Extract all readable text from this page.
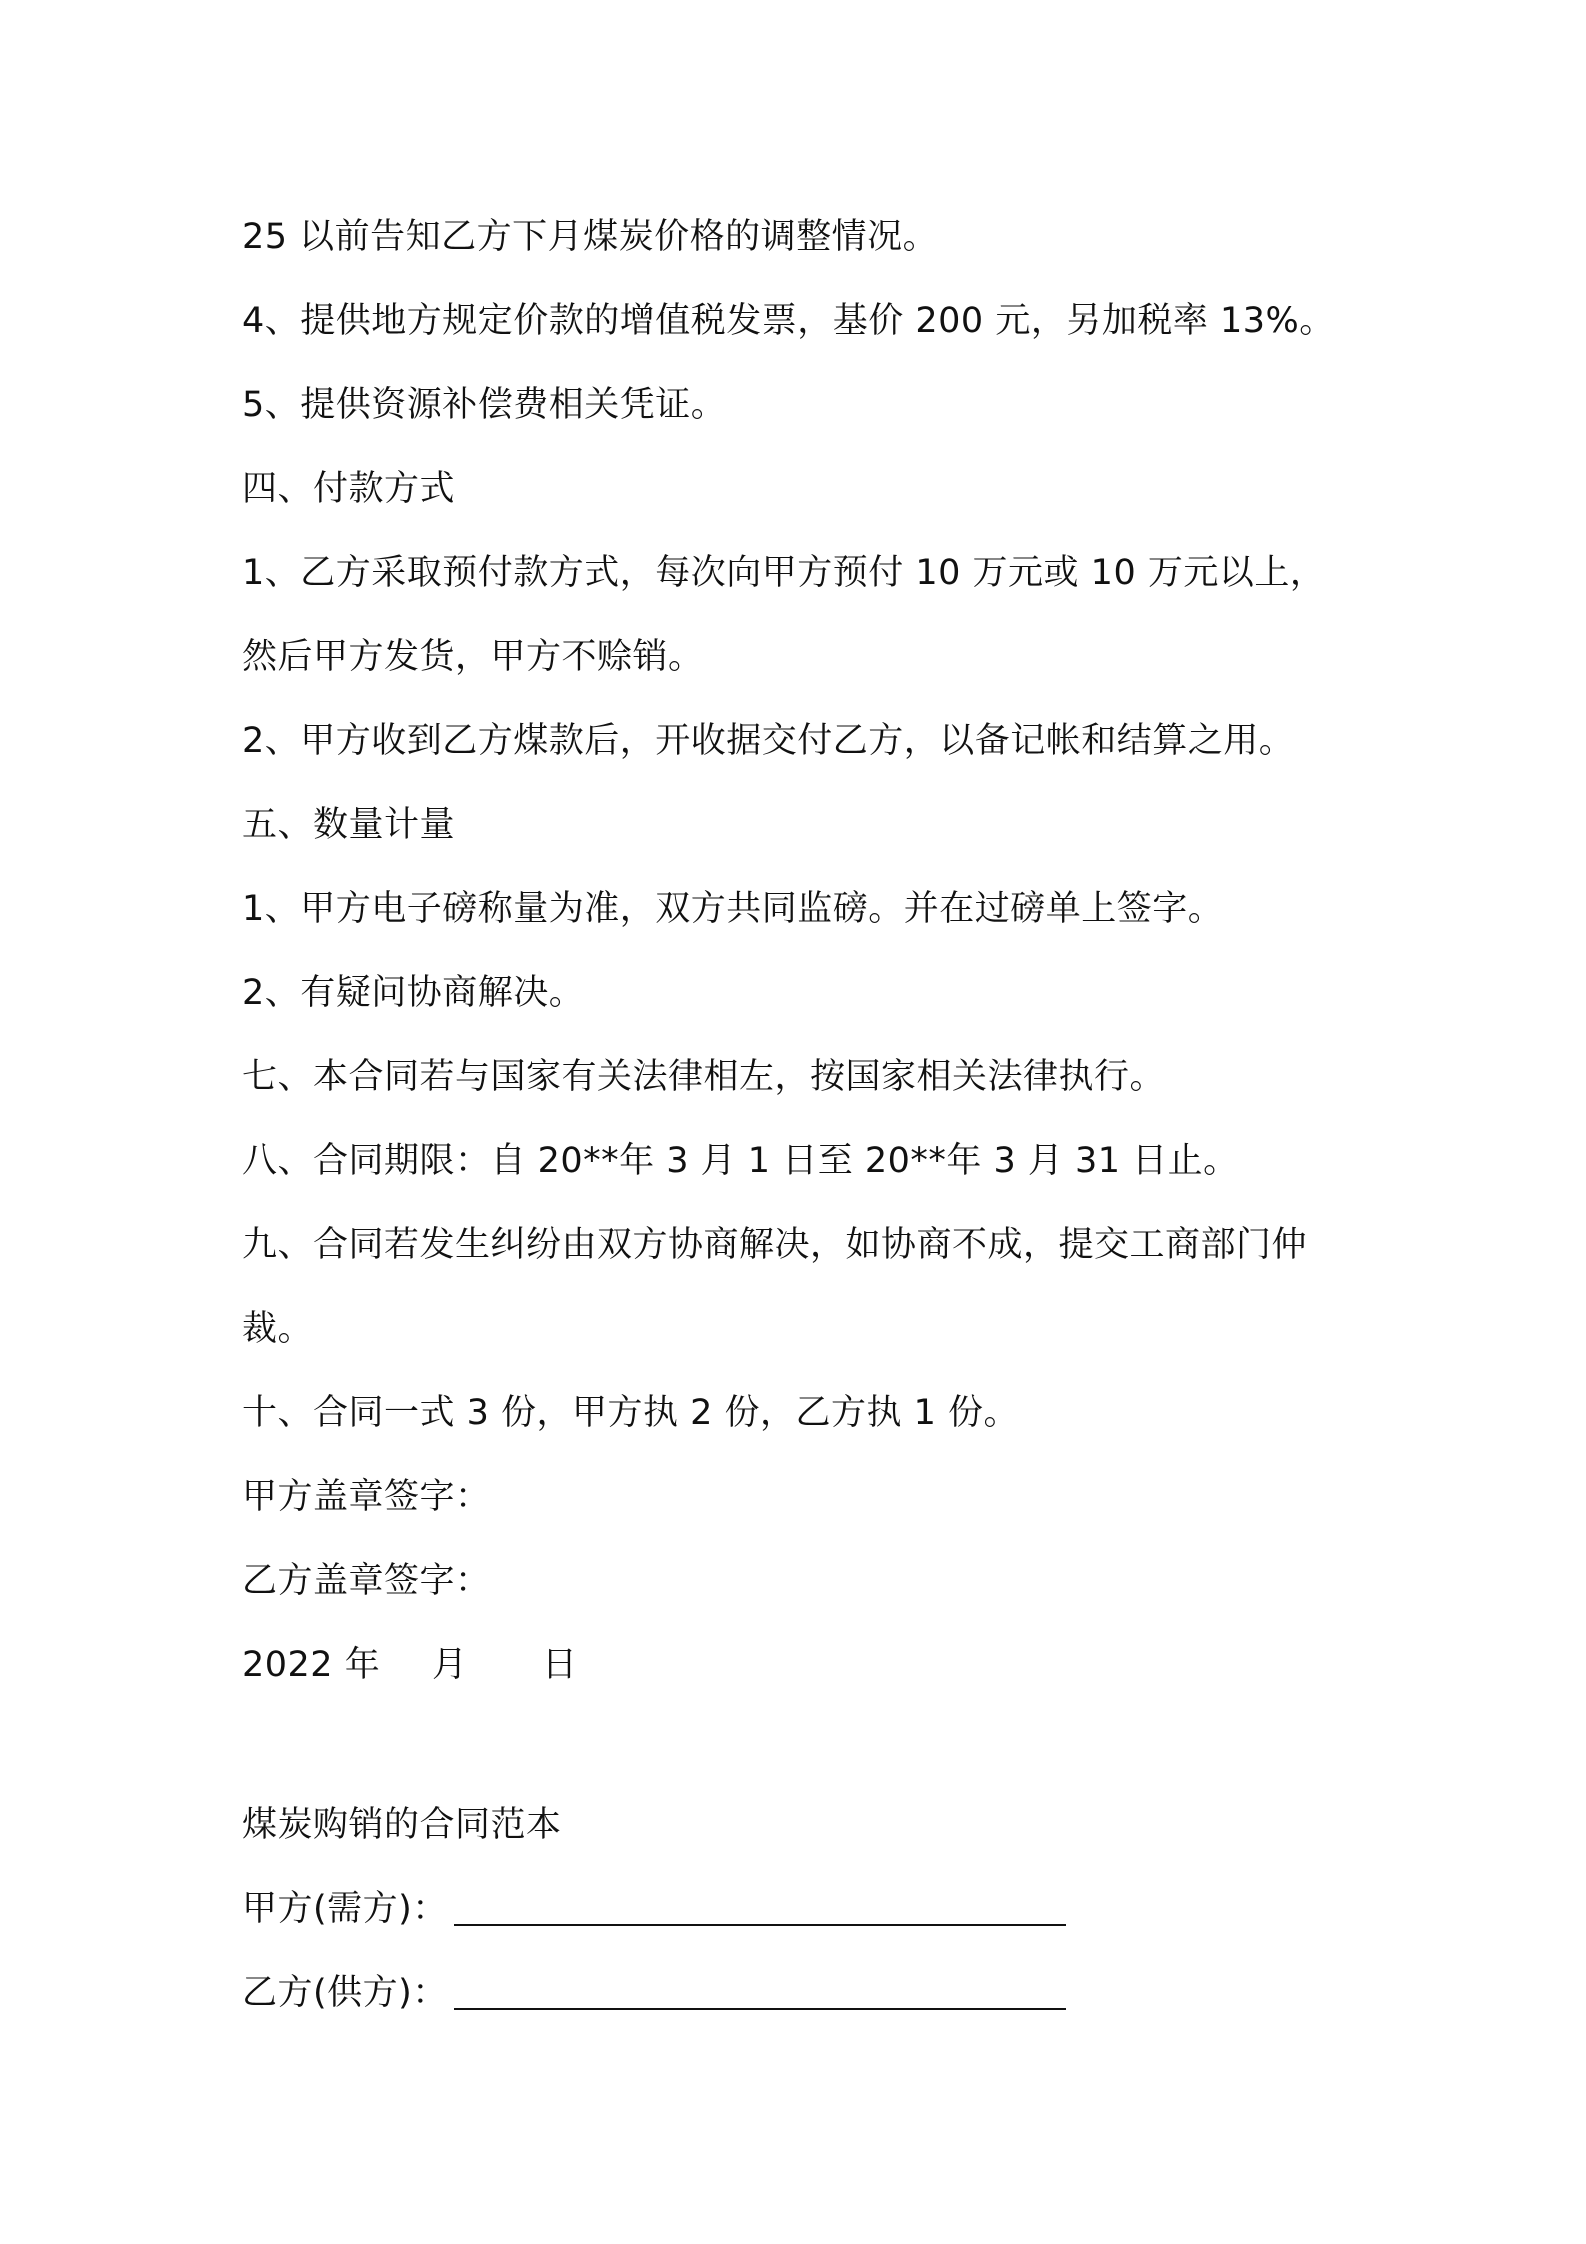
25 以前告知乙方下月煤炭价格的调整情况。
4、提供地方规定价款的增值税发票，基价 200 元，另加税率 13%。
5、提供资源补偿费相关凭证。
四、付款方式
1、乙方采取预付款方式，每次向甲方预付 10 万元或 10 万元以上，
然后甲方发货，甲方不赊销。
2、甲方收到乙方煤款后，开收据交付乙方，以备记帐和结算之用。
五、数量计量
1、甲方电子磅称量为准，双方共同监磅。并在过磅单上签字。
2、有疑问协商解决。
七、本合同若与国家有关法律相左，按国家相关法律执行。
八、合同期限：自 20**年 3 月 1 日至 20**年 3 月 31 日止。
九、合同若发生纠纷由双方协商解决，如协商不成，提交工商部门仲
裁。
十、合同一式 3 份，甲方执 2 份，乙方执 1 份。
甲方盖章签字：
乙方盖章签字：
2022 年 月 日
煤炭购销的合同范本
甲方(需方)：
乙方(供方)：
